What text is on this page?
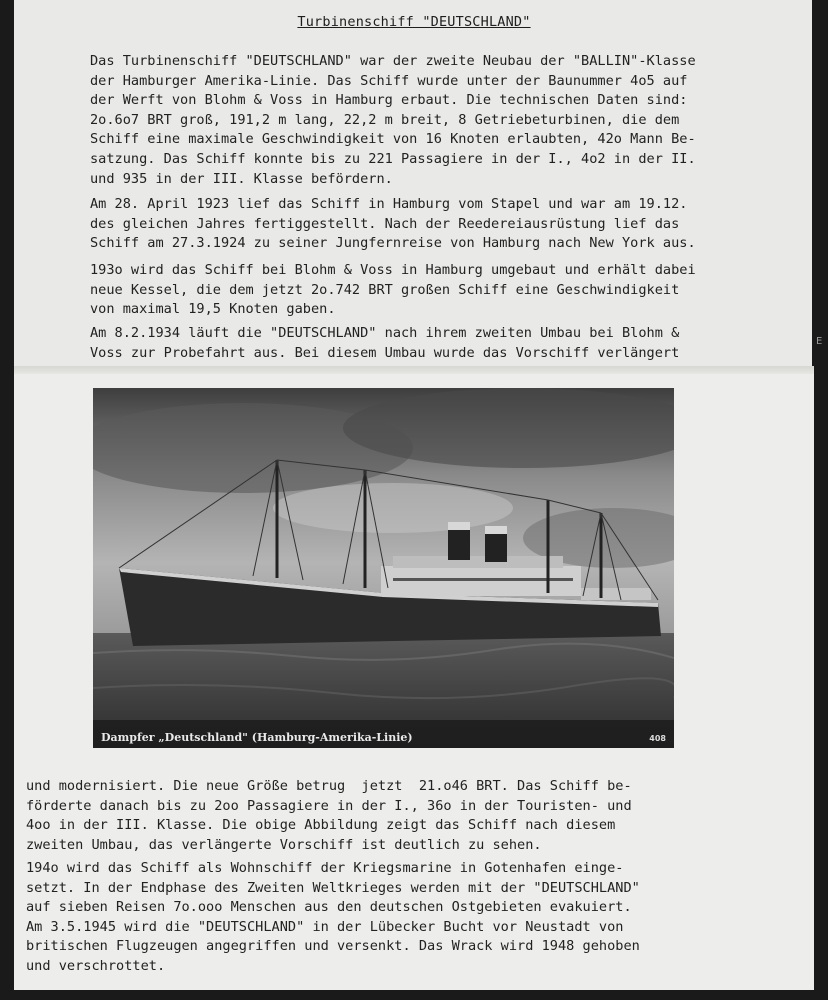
Turbinenschiff "DEUTSCHLAND"

Das Turbinenschiff "DEUTSCHLAND" war der zweite Neubau der "BALLIN"-Klasse
der Hamburger Amerika-Linie. Das Schiff wurde unter der Baunummer 4o5 auf
der Werft von Blohm & Voss in Hamburg erbaut. Die technischen Daten sind:
2o.6o7 BRT groß, 191,2 m lang, 22,2 m breit, 8 Getriebeturbinen, die dem
Schiff eine maximale Geschwindigkeit von 16 Knoten erlaubten, 42o Mann Be-
satzung. Das Schiff konnte bis zu 221 Passagiere in der I., 4o2 in der II.
und 935 in der III. Klasse befördern.

Am 28. April 1923 lief das Schiff in Hamburg vom Stapel und war am 19.12.
des gleichen Jahres fertiggestellt. Nach der Reedereiausrüstung lief das
Schiff am 27.3.1924 zu seiner Jungfernreise von Hamburg nach New York aus.

193o wird das Schiff bei Blohm & Voss in Hamburg umgebaut und erhält dabei
neue Kessel, die dem jetzt 2o.742 BRT großen Schiff eine Geschwindigkeit
von maximal 19,5 Knoten gaben.

Am 8.2.1934 läuft die "DEUTSCHLAND" nach ihrem zweiten Umbau bei Blohm &
Voss zur Probefahrt aus. Bei diesem Umbau wurde das Vorschiff verlängert

E
Dampfer „Deutschland" (Hamburg-Amerika-Linie)	408

und modernisiert. Die neue Größe betrug  jetzt  21.o46 BRT. Das Schiff be-
förderte danach bis zu 2oo Passagiere in der I., 36o in der Touristen- und
4oo in der III. Klasse. Die obige Abbildung zeigt das Schiff nach diesem
zweiten Umbau, das verlängerte Vorschiff ist deutlich zu sehen.

194o wird das Schiff als Wohnschiff der Kriegsmarine in Gotenhafen einge-
setzt. In der Endphase des Zweiten Weltkrieges werden mit der "DEUTSCHLAND"
auf sieben Reisen 7o.ooo Menschen aus den deutschen Ostgebieten evakuiert.
Am 3.5.1945 wird die "DEUTSCHLAND" in der Lübecker Bucht vor Neustadt von
britischen Flugzeugen angegriffen und versenkt. Das Wrack wird 1948 gehoben
und verschrottet.
